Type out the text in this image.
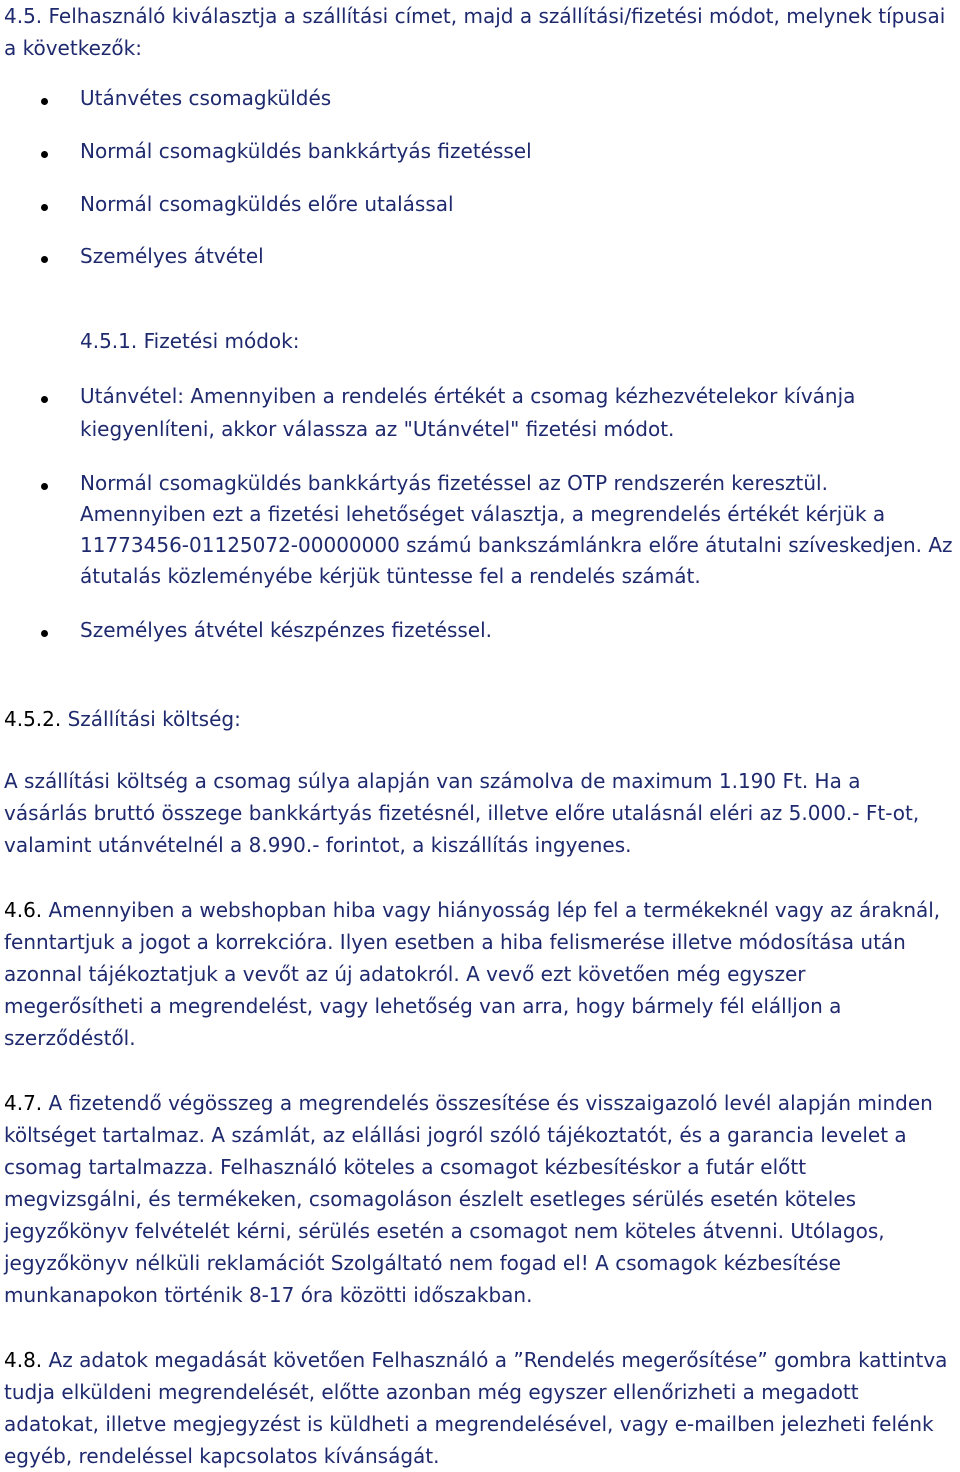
4.5. Felhasználó kiválasztja a szállítási címet, majd a szállítási/fizetési módot, melynek típusai
a következők:
Utánvétes csomagküldés
Normál csomagküldés bankkártyás fizetéssel
Normál csomagküldés előre utalással
Személyes átvétel
4.5.1. Fizetési módok:
Utánvétel: Amennyiben a rendelés értékét a csomag kézhezvételekor kívánja
kiegyenlíteni, akkor válassza az "Utánvétel" fizetési módot.
Normál csomagküldés bankkártyás fizetéssel az OTP rendszerén keresztül.
Amennyiben ezt a fizetési lehetőséget választja, a megrendelés értékét kérjük a
11773456-01125072-00000000 számú bankszámlánkra előre átutalni szíveskedjen. Az
átutalás közleményébe kérjük tüntesse fel a rendelés számát.
Személyes átvétel készpénzes fizetéssel.
4.5.2. Szállítási költség:
A szállítási költség a csomag súlya alapján van számolva de maximum 1.190 Ft. Ha a
vásárlás bruttó összege bankkártyás fizetésnél, illetve előre utalásnál eléri az 5.000.- Ft-ot,
valamint utánvételnél a 8.990.- forintot, a kiszállítás ingyenes.
4.6. Amennyiben a webshopban hiba vagy hiányosság lép fel a termékeknél vagy az áraknál,
fenntartjuk a jogot a korrekcióra. Ilyen esetben a hiba felismerése illetve módosítása után
azonnal tájékoztatjuk a vevőt az új adatokról. A vevő ezt követően még egyszer
megerősítheti a megrendelést, vagy lehetőség van arra, hogy bármely fél elálljon a
szerződéstől.
4.7. A fizetendő végösszeg a megrendelés összesítése és visszaigazoló levél alapján minden
költséget tartalmaz. A számlát, az elállási jogról szóló tájékoztatót, és a garancia levelet a
csomag tartalmazza. Felhasználó köteles a csomagot kézbesítéskor a futár előtt
megvizsgálni, és termékeken, csomagoláson észlelt esetleges sérülés esetén köteles
jegyzőkönyv felvételét kérni, sérülés esetén a csomagot nem köteles átvenni. Utólagos,
jegyzőkönyv nélküli reklamációt Szolgáltató nem fogad el! A csomagok kézbesítése
munkanapokon történik 8-17 óra közötti időszakban.
4.8. Az adatok megadását követően Felhasználó a ”Rendelés megerősítése” gombra kattintva
tudja elküldeni megrendelését, előtte azonban még egyszer ellenőrizheti a megadott
adatokat, illetve megjegyzést is küldheti a megrendelésével, vagy e-mailben jelezheti felénk
egyéb, rendeléssel kapcsolatos kívánságát.
